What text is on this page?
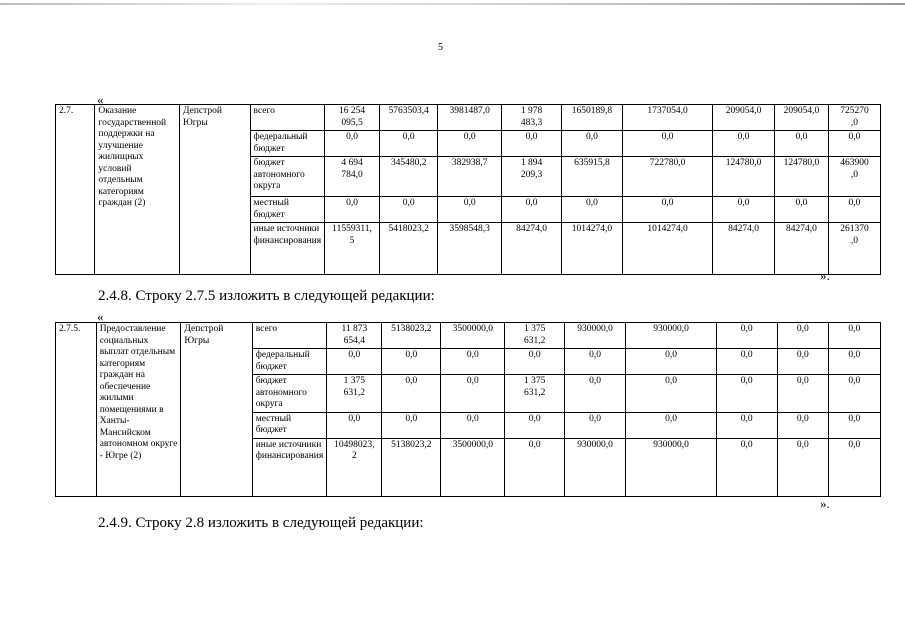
5
«
2.7.	Оказание государственной поддержки на улучшение жилищных условий отдельным категориям граждан (2)	Депстрой Югры	всего	16 254
095,5	5763503,4	3981487,0	1 978
483,3	1650189,8	1737054,0	209054,0	209054,0	725270
,0
			федеральный бюджет	0,0	0,0	0,0	0,0	0,0	0,0	0,0	0,0	0,0
			бюджет автономного округа	4 694
784,0	345480,2	382938,7	1 894
209,3	635915,8	722780,0	124780,0	124780,0	463900
,0
			местный бюджет	0,0	0,0	0,0	0,0	0,0	0,0	0,0	0,0	0,0
			иные источники финансирования	11559311,
5	5418023,2	3598548,3	84274,0	1014274,0	1014274,0	84274,0	84274,0	261370
,0
».
2.4.8. Строку 2.7.5 изложить в следующей редакции:
«
2.7.5.	Предоставление социальных выплат отдельным категориям граждан на обеспечение жилыми помещениями в Ханты-Мансийском автономном округе - Югре (2)	Депстрой Югры	всего	11 873
654,4	5138023,2	3500000,0	1 375
631,2	930000,0	930000,0	0,0	0,0	0,0
			федеральный бюджет	0,0	0,0	0,0	0,0	0,0	0,0	0,0	0,0	0,0
			бюджет автономного округа	1 375
631,2	0,0	0,0	1 375
631,2	0,0	0,0	0,0	0,0	0,0
			местный бюджет	0,0	0,0	0,0	0,0	0,0	0,0	0,0	0,0	0,0
			иные источники финансирования	10498023,
2	5138023,2	3500000,0	0,0	930000,0	930000,0	0,0	0,0	0,0
».
2.4.9. Строку 2.8 изложить в следующей редакции:
